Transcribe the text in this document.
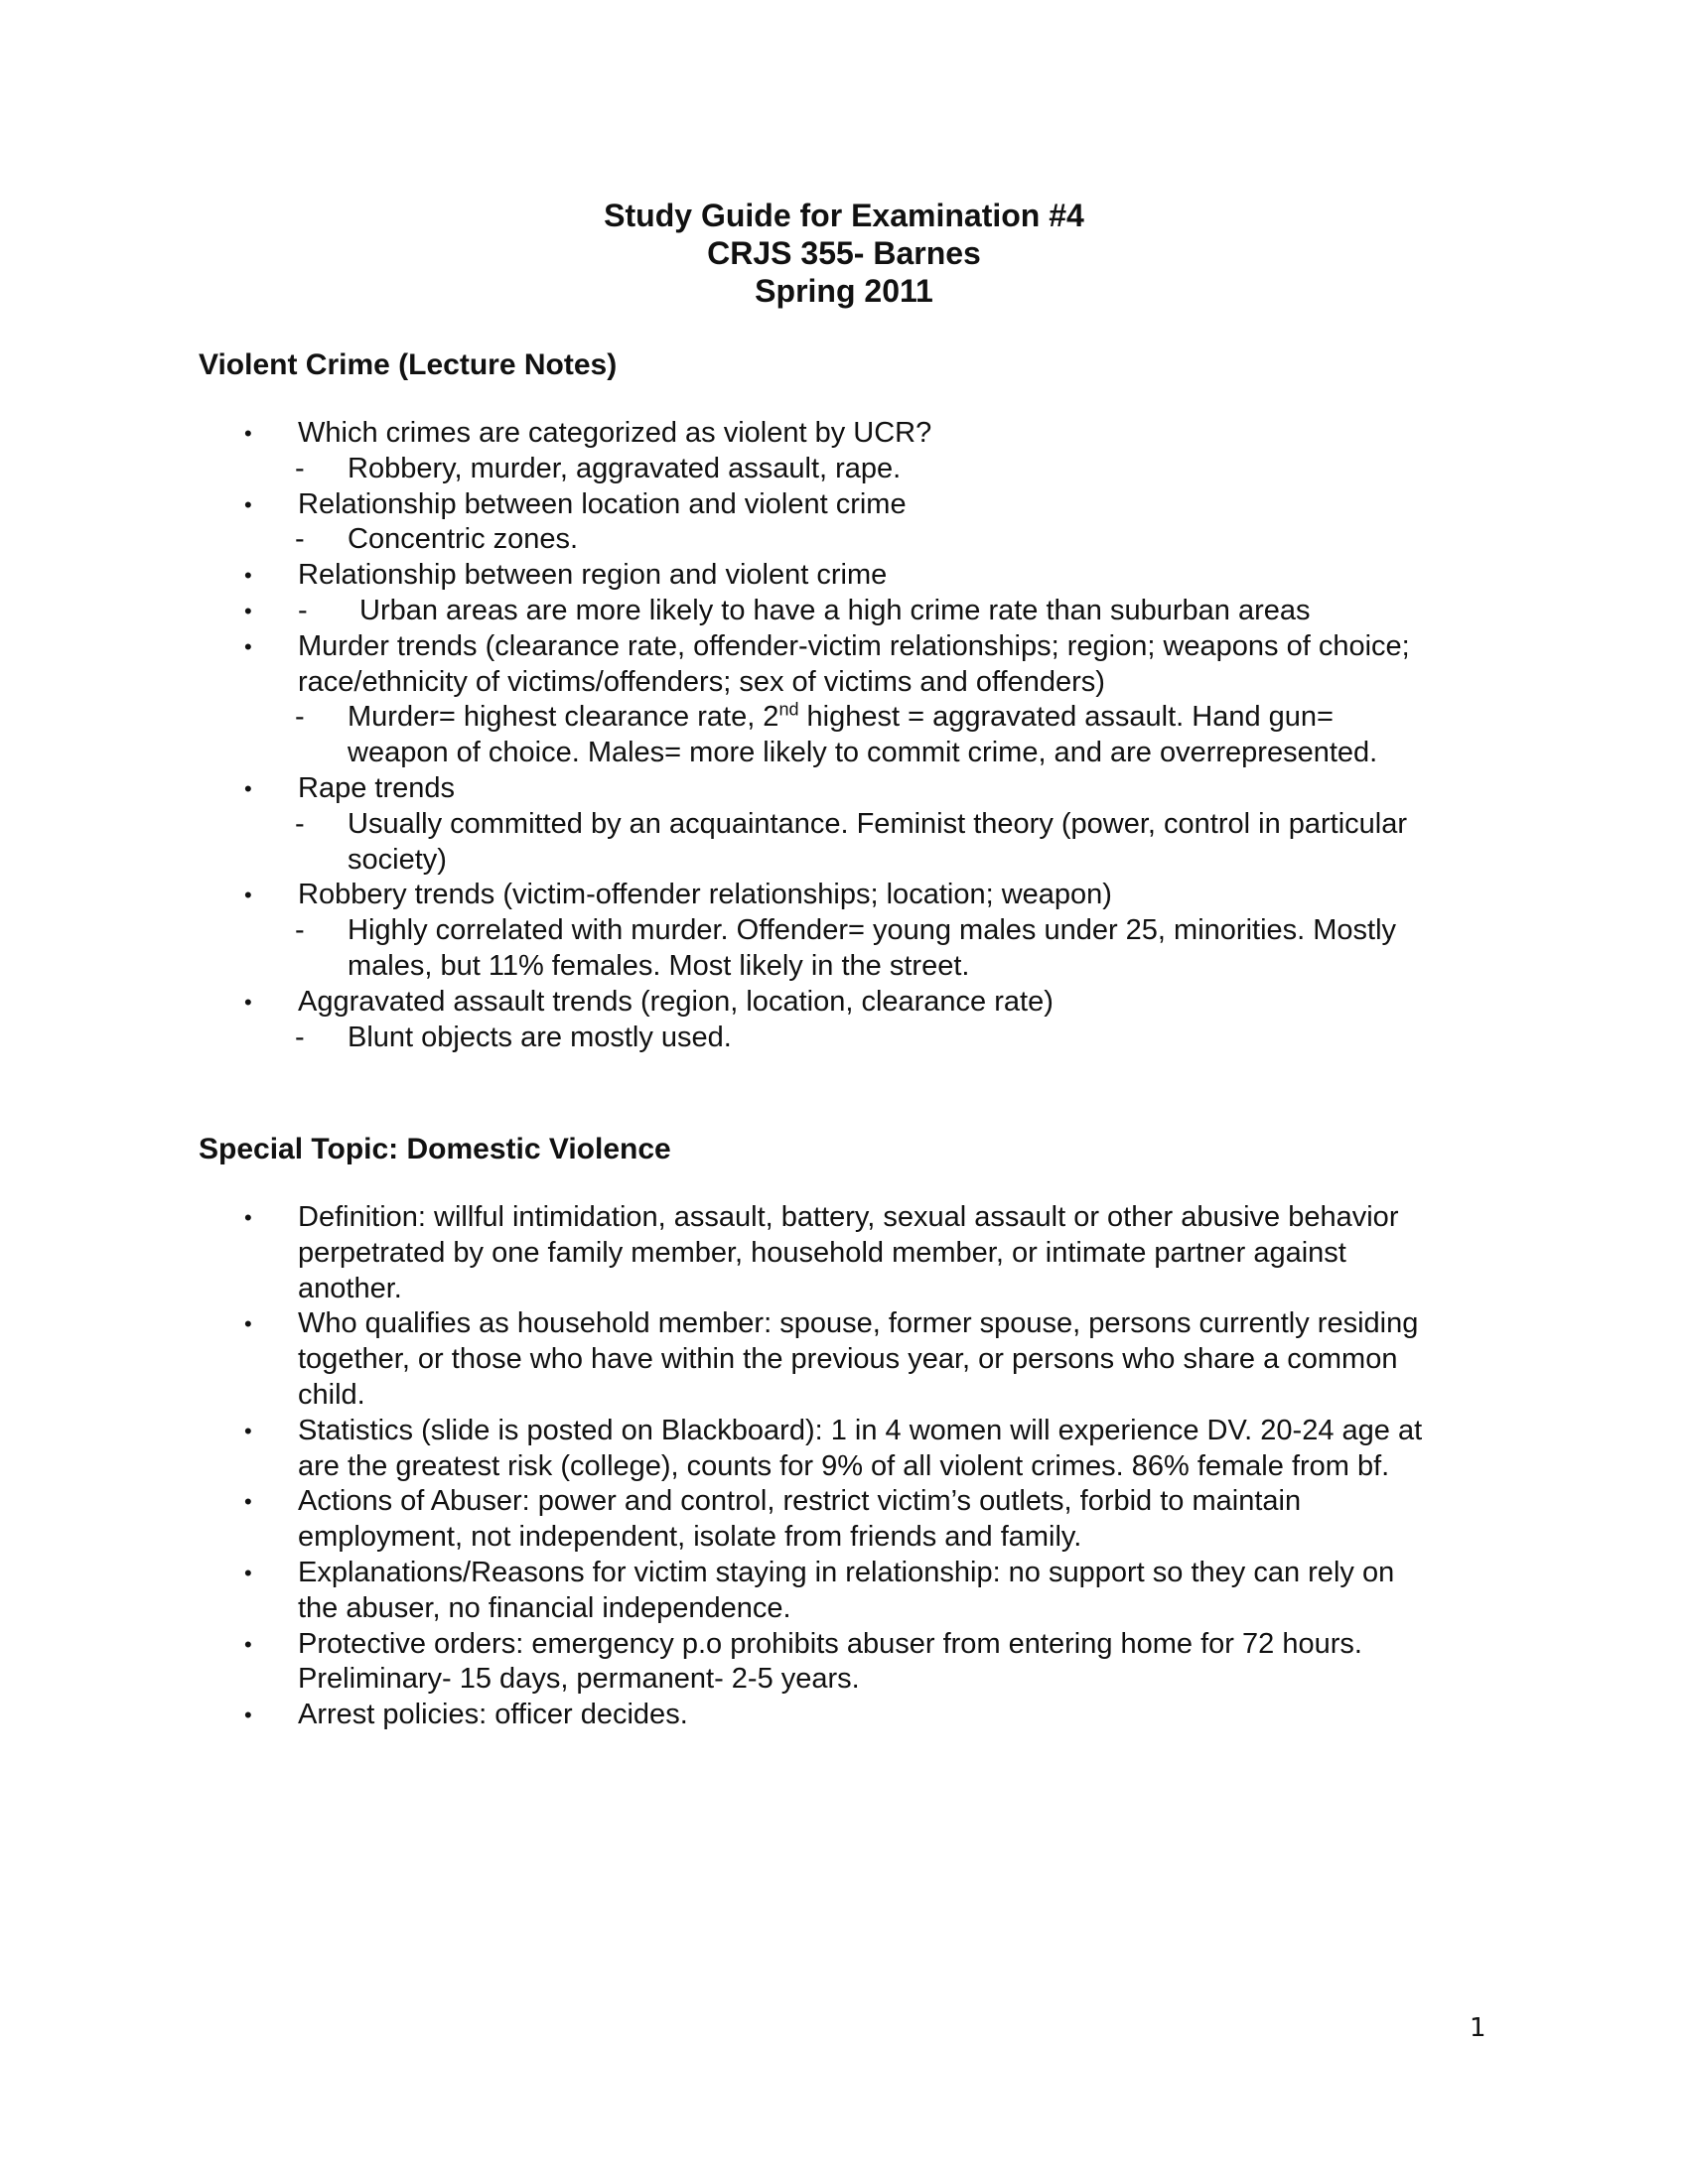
Study Guide for Examination #4
CRJS 355- Barnes
Spring 2011
Violent Crime (Lecture Notes)
• Which crimes are categorized as violent by UCR?
- Robbery, murder, aggravated assault, rape.
• Relationship between location and violent crime
- Concentric zones.
• Relationship between region and violent crime
• - Urban areas are more likely to have a high crime rate than suburban areas
• Murder trends (clearance rate, offender-victim relationships; region; weapons of choice;
race/ethnicity of victims/offenders; sex of victims and offenders)
- Murder= highest clearance rate, 2nd highest = aggravated assault. Hand gun=
weapon of choice. Males= more likely to commit crime, and are overrepresented.
• Rape trends
- Usually committed by an acquaintance. Feminist theory (power, control in particular
society)
• Robbery trends (victim-offender relationships; location; weapon)
- Highly correlated with murder. Offender= young males under 25, minorities. Mostly
males, but 11% females. Most likely in the street.
• Aggravated assault trends (region, location, clearance rate)
- Blunt objects are mostly used.
Special Topic: Domestic Violence
• Definition: willful intimidation, assault, battery, sexual assault or other abusive behavior
perpetrated by one family member, household member, or intimate partner against
another.
• Who qualifies as household member: spouse, former spouse, persons currently residing
together, or those who have within the previous year, or persons who share a common
child.
• Statistics (slide is posted on Blackboard): 1 in 4 women will experience DV. 20-24 age at
are the greatest risk (college), counts for 9% of all violent crimes. 86% female from bf.
• Actions of Abuser: power and control, restrict victim’s outlets, forbid to maintain
employment, not independent, isolate from friends and family.
• Explanations/Reasons for victim staying in relationship: no support so they can rely on
the abuser, no financial independence.
• Protective orders: emergency p.o prohibits abuser from entering home for 72 hours.
Preliminary- 15 days, permanent- 2-5 years.
• Arrest policies: officer decides.
1
